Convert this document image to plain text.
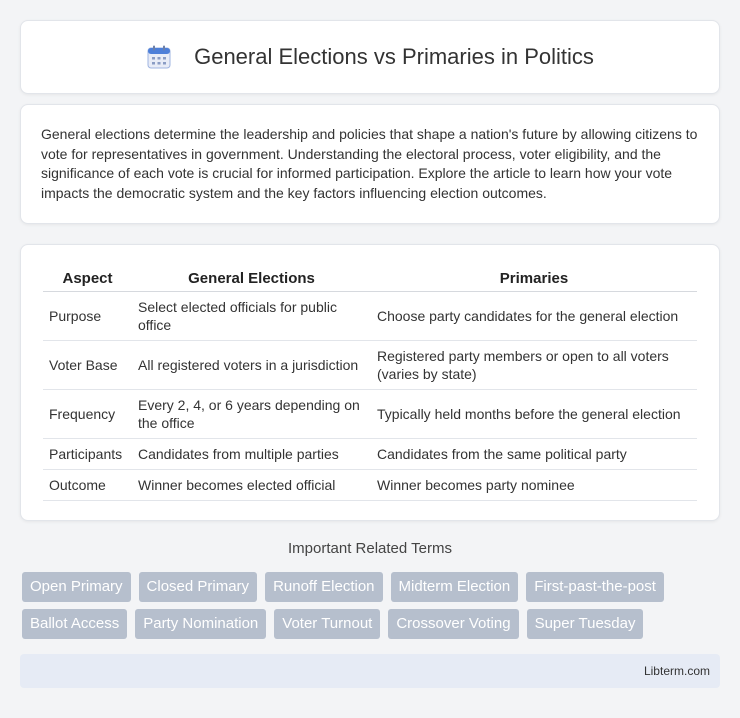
General Elections vs Primaries in Politics

General elections determine the leadership and policies that shape a nation's future by allowing citizens to vote for representatives in government. Understanding the electoral process, voter eligibility, and the significance of each vote is crucial for informed participation. Explore the article to learn how your vote impacts the democratic system and the key factors influencing election outcomes.

Aspect	General Elections	Primaries
Purpose	Select elected officials for public office	Choose party candidates for the general election
Voter Base	All registered voters in a jurisdiction	Registered party members or open to all voters (varies by state)
Frequency	Every 2, 4, or 6 years depending on the office	Typically held months before the general election
Participants	Candidates from multiple parties	Candidates from the same political party
Outcome	Winner becomes elected official	Winner becomes party nominee
Important Related Terms
Open Primary	Closed Primary	Runoff Election	Midterm Election	First-past-the-post
Ballot Access	Party Nomination	Voter Turnout	Crossover Voting	Super Tuesday
Libterm.com
